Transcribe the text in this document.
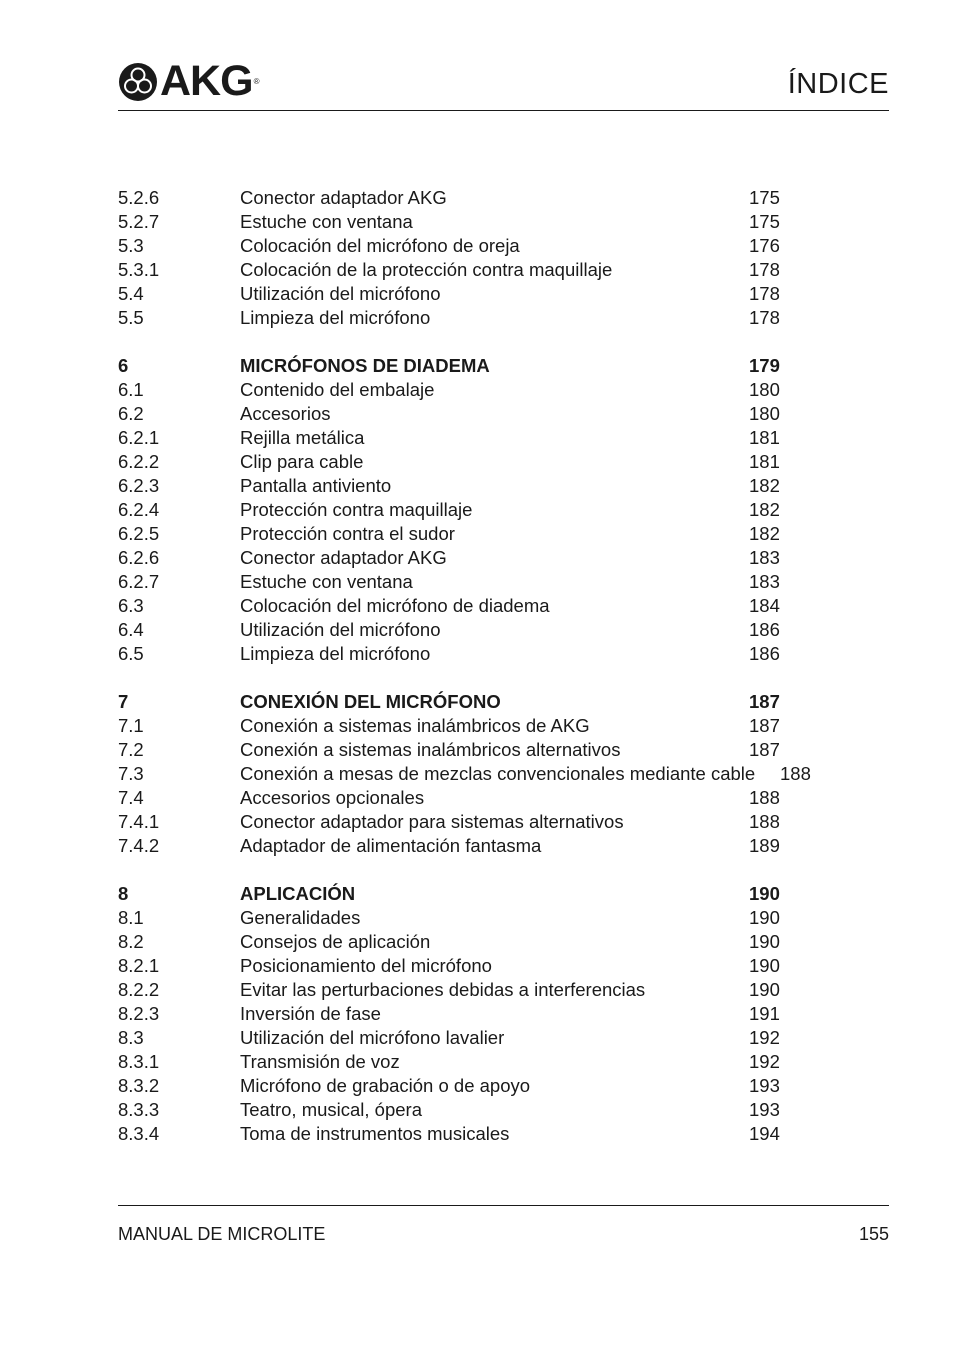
AKG ®	ÍNDICE
5.2.6	Conector adaptador AKG	175
5.2.7	Estuche con ventana	175
5.3	Colocación del micrófono de oreja	176
5.3.1	Colocación de la protección contra maquillaje	178
5.4	Utilización del micrófono	178
5.5	Limpieza del micrófono	178
6	MICRÓFONOS DE DIADEMA	179
6.1	Contenido del embalaje	180
6.2	Accesorios	180
6.2.1	Rejilla metálica	181
6.2.2	Clip para cable	181
6.2.3	Pantalla antiviento	182
6.2.4	Protección contra maquillaje	182
6.2.5	Protección contra el sudor	182
6.2.6	Conector adaptador AKG	183
6.2.7	Estuche con ventana	183
6.3	Colocación del micrófono de diadema	184
6.4	Utilización del micrófono	186
6.5	Limpieza del micrófono	186
7	CONEXIÓN DEL MICRÓFONO	187
7.1	Conexión a sistemas inalámbricos de AKG	187
7.2	Conexión a sistemas inalámbricos alternativos	187
7.3	Conexión a mesas de mezclas convencionales mediante cable 188
7.4	Accesorios opcionales	188
7.4.1	Conector adaptador para sistemas alternativos	188
7.4.2	Adaptador de alimentación fantasma	189
8	APLICACIÓN	190
8.1	Generalidades	190
8.2	Consejos de aplicación	190
8.2.1	Posicionamiento del micrófono	190
8.2.2	Evitar las perturbaciones debidas a interferencias	190
8.2.3	Inversión de fase	191
8.3	Utilización del micrófono lavalier	192
8.3.1	Transmisión de voz	192
8.3.2	Micrófono de grabación o de apoyo	193
8.3.3	Teatro, musical, ópera	193
8.3.4	Toma de instrumentos musicales	194
MANUAL DE MICROLITE	155
